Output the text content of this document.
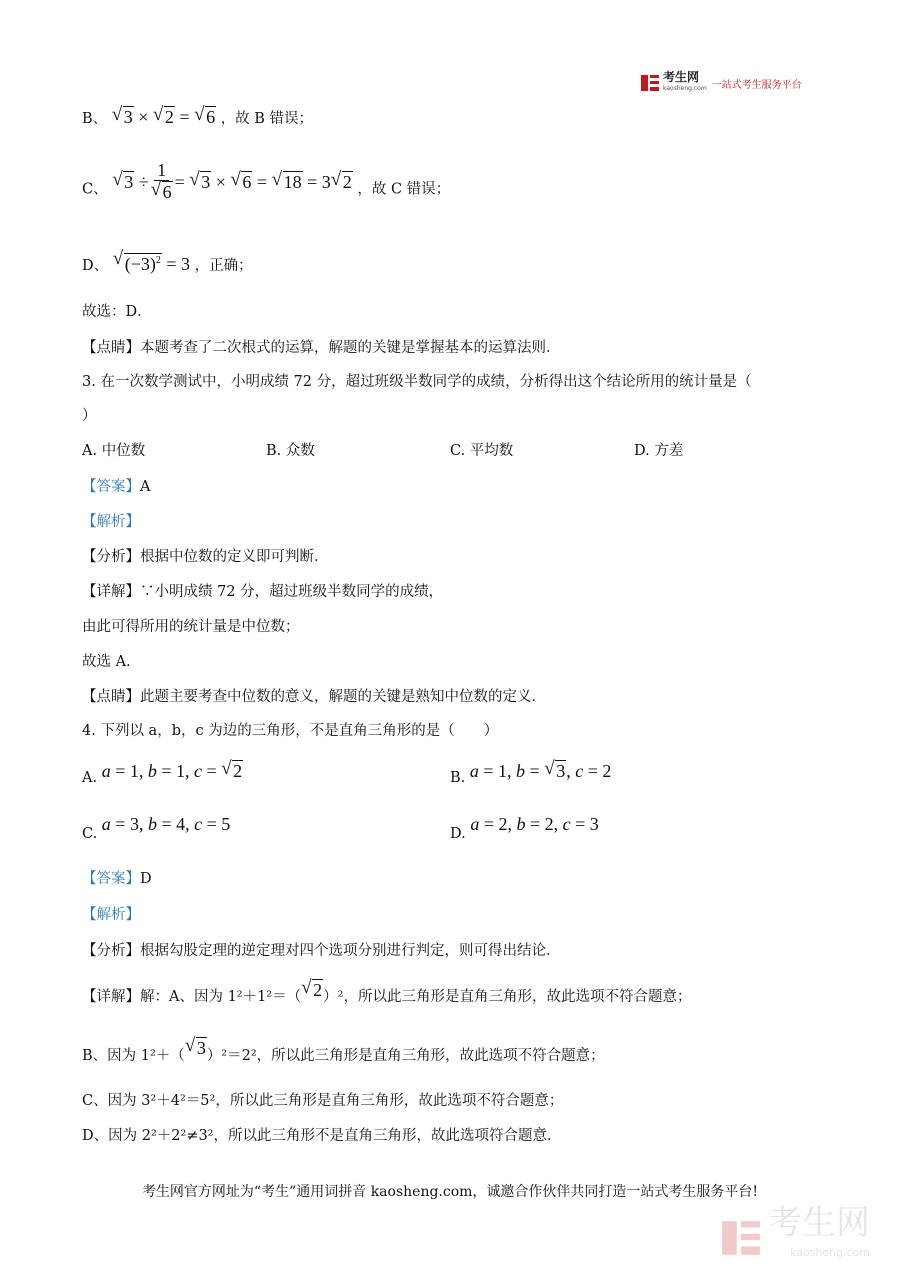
考生网
kaosheng.com 一站式考生服务平台
B、 √ 3 × √ 2 = √ 6 ，故 B 错误；
C、 √ 3 ÷ 1
√ 6 = √ 3 × √ 6 = √ 18 = 3 √ 2 ，故 C 错误；
D、 √ $(-3)^2 = 3$ ，正确；
故选：D．
【点睛】本题考查了二次根式的运算，解题的关键是掌握基本的运算法则．
3. 在一次数学测试中，小明成绩 72 分，超过班级半数同学的成绩，分析得出这个结论所用的统计量是（
）
A. 中位数	B. 众数	C. 平均数	D. 方差
【答案】A
【解析】
【分析】根据中位数的定义即可判断．
【详解】∵小明成绩 72 分，超过班级半数同学的成绩，
由此可得所用的统计量是中位数；
故选 A．
【点睛】此题主要考查中位数的意义，解题的关键是熟知中位数的定义．
4. 下列以 a，b，c 为边的三角形，不是直角三角形的是（　　）
A. a = 1, b = 1, c = √ 2	B. a = 1, b = √ 3, c = 2
C. a = 3, b = 4, c = 5	D. a = 2, b = 2, c = 3
【答案】D
【解析】
【分析】根据勾股定理的逆定理对四个选项分别进行判定，则可得出结论．
【详解】解：A、因为 1²＋1²＝（ √ 2）²，所以此三角形是直角三角形，故此选项不符合题意；
B、因为 1²＋（ √ 3）²＝2²，所以此三角形是直角三角形，故此选项不符合题意；
C、因为 3²＋4²＝5²，所以此三角形是直角三角形，故此选项不符合题意；
D、因为 2²＋2²≠3²，所以此三角形不是直角三角形，故此选项符合题意．
考生网官方网址为“考生”通用词拼音 kaosheng.com，诚邀合作伙伴共同打造一站式考生服务平台!
考生网
kaosheng.com
